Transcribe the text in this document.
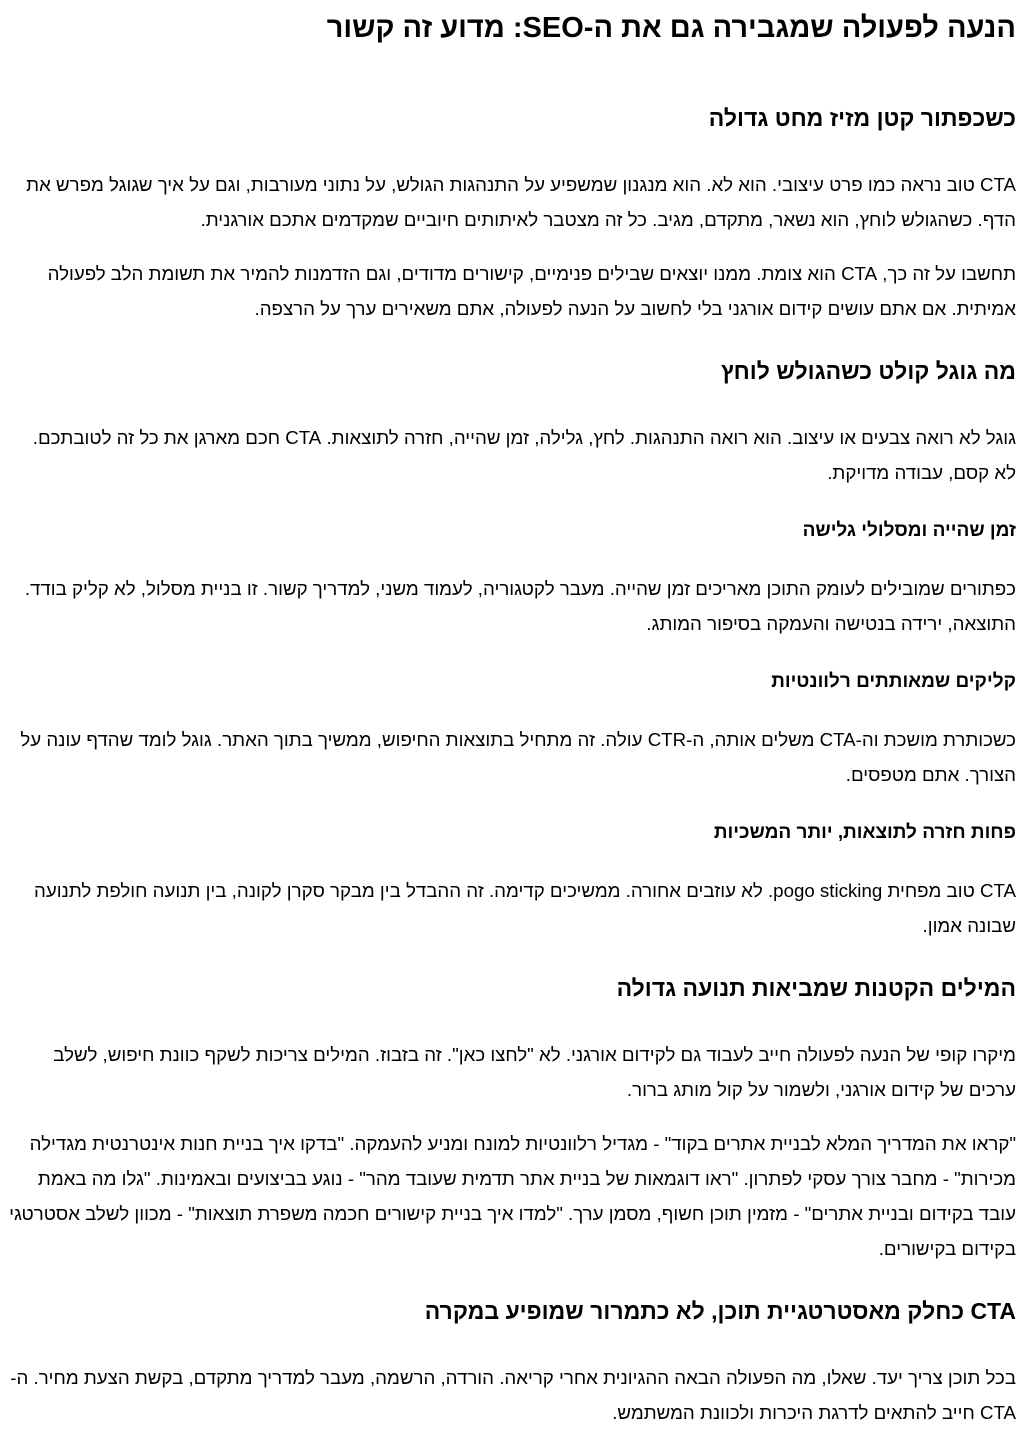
הנעה לפעולה שמגבירה גם את ה-SEO: מדוע זה קשור
כשכפתור קטן מזיז מחט גדולה

CTA טוב נראה כמו פרט עיצובי. הוא לא. הוא מנגנון שמשפיע על התנהגות הגולש, על נתוני מעורבות, וגם על איך שגוגל מפרש את הדף. כשהגולש לוחץ, הוא נשאר, מתקדם, מגיב. כל זה מצטבר לאיתותים חיוביים שמקדמים אתכם אורגנית.

תחשבו על זה כך, CTA הוא צומת. ממנו יוצאים שבילים פנימיים, קישורים מדודים, וגם הזדמנות להמיר את תשומת הלב לפעולה אמיתית. אם אתם עושים קידום אורגני בלי לחשוב על הנעה לפעולה, אתם משאירים ערך על הרצפה.

מה גוגל קולט כשהגולש לוחץ

גוגל לא רואה צבעים או עיצוב. הוא רואה התנהגות. לחץ, גלילה, זמן שהייה, חזרה לתוצאות. CTA חכם מארגן את כל זה לטובתכם. לא קסם, עבודה מדויקת.

זמן שהייה ומסלולי גלישה

כפתורים שמובילים לעומק התוכן מאריכים זמן שהייה. מעבר לקטגוריה, לעמוד משני, למדריך קשור. זו בניית מסלול, לא קליק בודד. התוצאה, ירידה בנטישה והעמקה בסיפור המותג.

קליקים שמאותתים רלוונטיות

כשכותרת מושכת וה-CTA משלים אותה, ה-CTR עולה. זה מתחיל בתוצאות החיפוש, ממשיך בתוך האתר. גוגל לומד שהדף עונה על הצורך. אתם מטפסים.

פחות חזרה לתוצאות, יותר המשכיות

CTA טוב מפחית pogo sticking. לא עוזבים אחורה. ממשיכים קדימה. זה ההבדל בין מבקר סקרן לקונה, בין תנועה חולפת לתנועה שבונה אמון.

המילים הקטנות שמביאות תנועה גדולה

מיקרו קופי של הנעה לפעולה חייב לעבוד גם לקידום אורגני. לא "לחצו כאן". זה בזבוז. המילים צריכות לשקף כוונת חיפוש, לשלב ערכים של קידום אורגני, ולשמור על קול מותג ברור.

"קראו את המדריך המלא לבניית אתרים בקוד" - מגדיל רלוונטיות למונח ומניע להעמקה. "בדקו איך בניית חנות אינטרנטית מגדילה מכירות" - מחבר צורך עסקי לפתרון. "ראו דוגמאות של בניית אתר תדמית שעובד מהר" - נוגע בביצועים ובאמינות. "גלו מה באמת עובד בקידום ובניית אתרים" - מזמין תוכן חשוף, מסמן ערך. "למדו איך בניית קישורים חכמה משפרת תוצאות" - מכוון לשלב אסטרטגי בקידום בקישורים.

CTA כחלק מאסטרטגיית תוכן, לא כתמרור שמופיע במקרה

בכל תוכן צריך יעד. שאלו, מה הפעולה הבאה ההגיונית אחרי קריאה. הורדה, הרשמה, מעבר למדריך מתקדם, בקשת הצעת מחיר. ה-CTA חייב להתאים לדרגת היכרות ולכוונת המשתמש.
